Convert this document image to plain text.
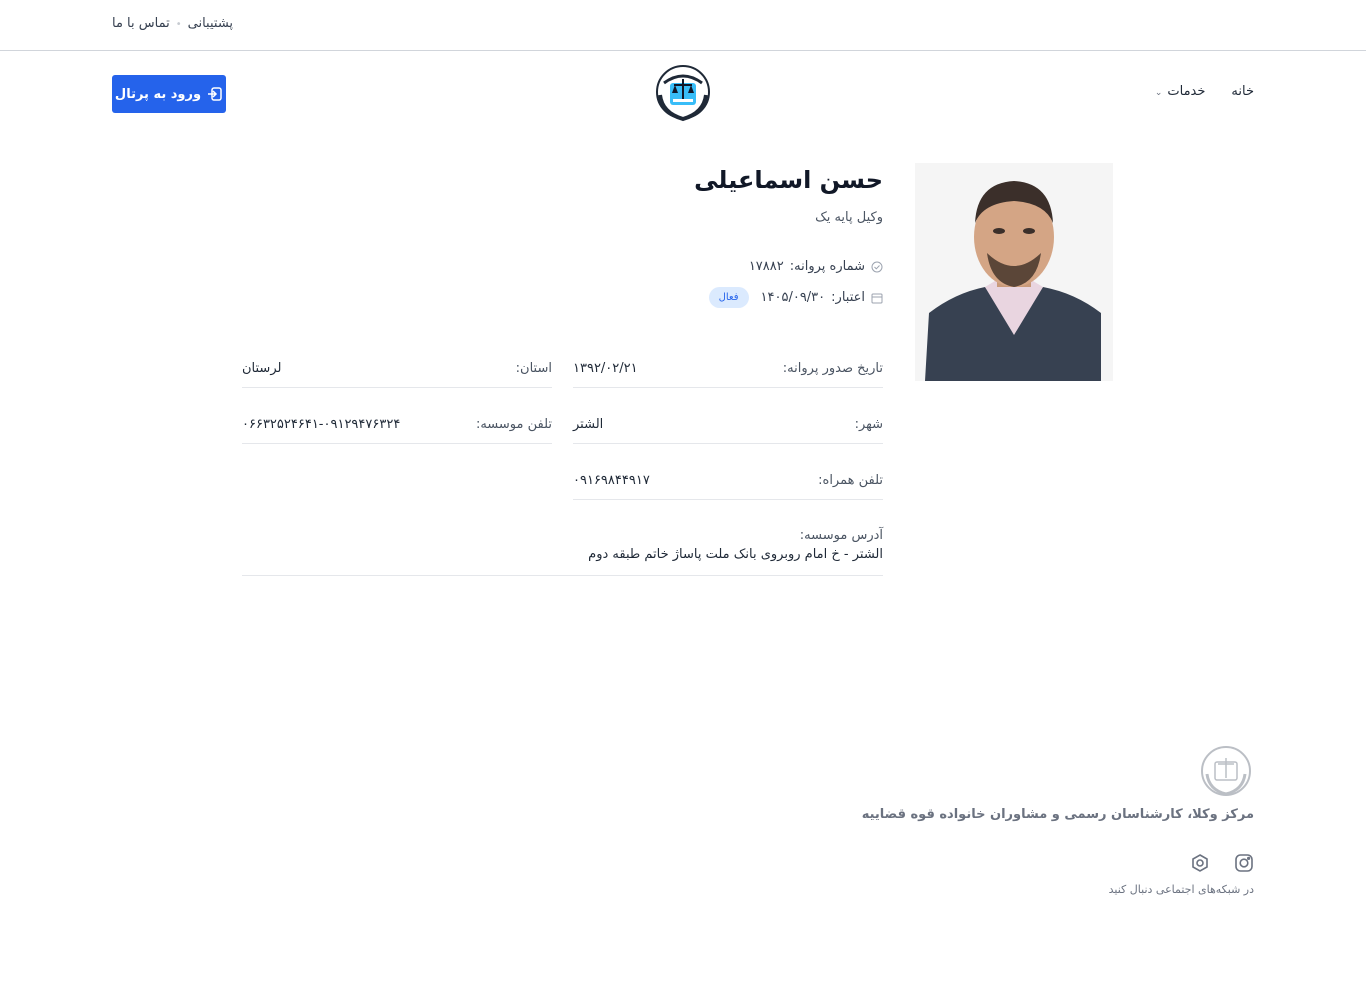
پشتیبانی•تماس با ما
ورود به پرتال	خانه
خدمات⌄
حسن اسماعیلی
وکیل پایه یک
شماره پروانه:
۱۷۸۸۲
اعتبار:
۱۴۰۵/۰۹/۳۰
فعال
تاریخ صدور پروانه:
۱۳۹۲/۰۲/۲۱
استان:
لرستان
شهر:
الشتر
تلفن موسسه:
۰۶۶۳۲۵۲۴۶۴۱-۰۹۱۲۹۴۷۶۳۲۴
تلفن همراه:
۰۹۱۶۹۸۴۴۹۱۷
آدرس موسسه:
الشتر - خ امام روبروی بانک ملت پاساژ خاتم طبقه دوم
مرکز وکلا، کارشناسان رسمی و مشاوران خانواده قوه قضاییه
در شبکه‌های اجتماعی دنبال کنید
